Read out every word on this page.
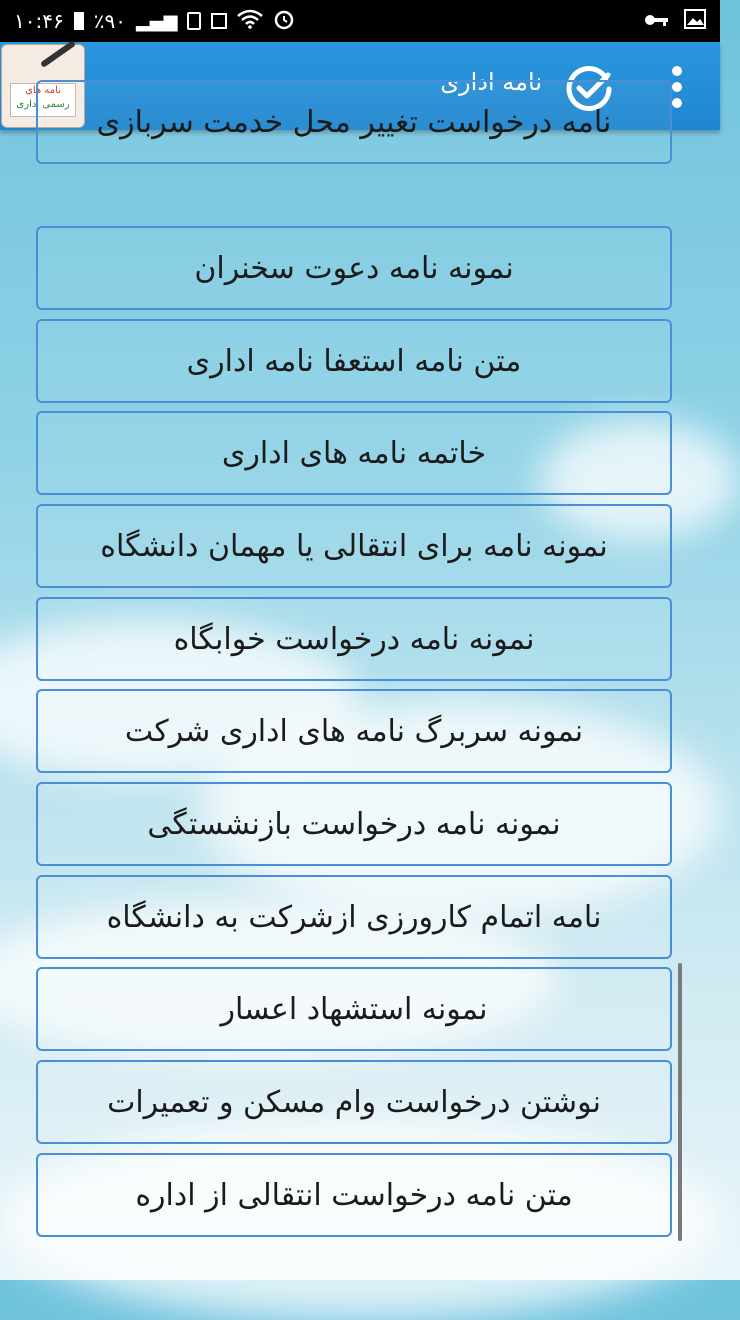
۱۰:۴۶ ٪۹۰ ▂▄▆
نامه های
رسمی اداری
نامه اداری
نامه درخواست تغییر محل خدمت سربازی
نمونه نامه دعوت سخنران
متن نامه استعفا نامه اداری
خاتمه نامه های اداری
نمونه نامه برای انتقالی یا مهمان دانشگاه
نمونه نامه درخواست خوابگاه
نمونه سربرگ نامه های اداری شرکت
نمونه نامه درخواست بازنشستگی
نامه اتمام کارورزی ازشرکت به دانشگاه
نمونه استشهاد اعسار
نوشتن درخواست وام مسکن و تعمیرات
متن نامه درخواست انتقالی از اداره
